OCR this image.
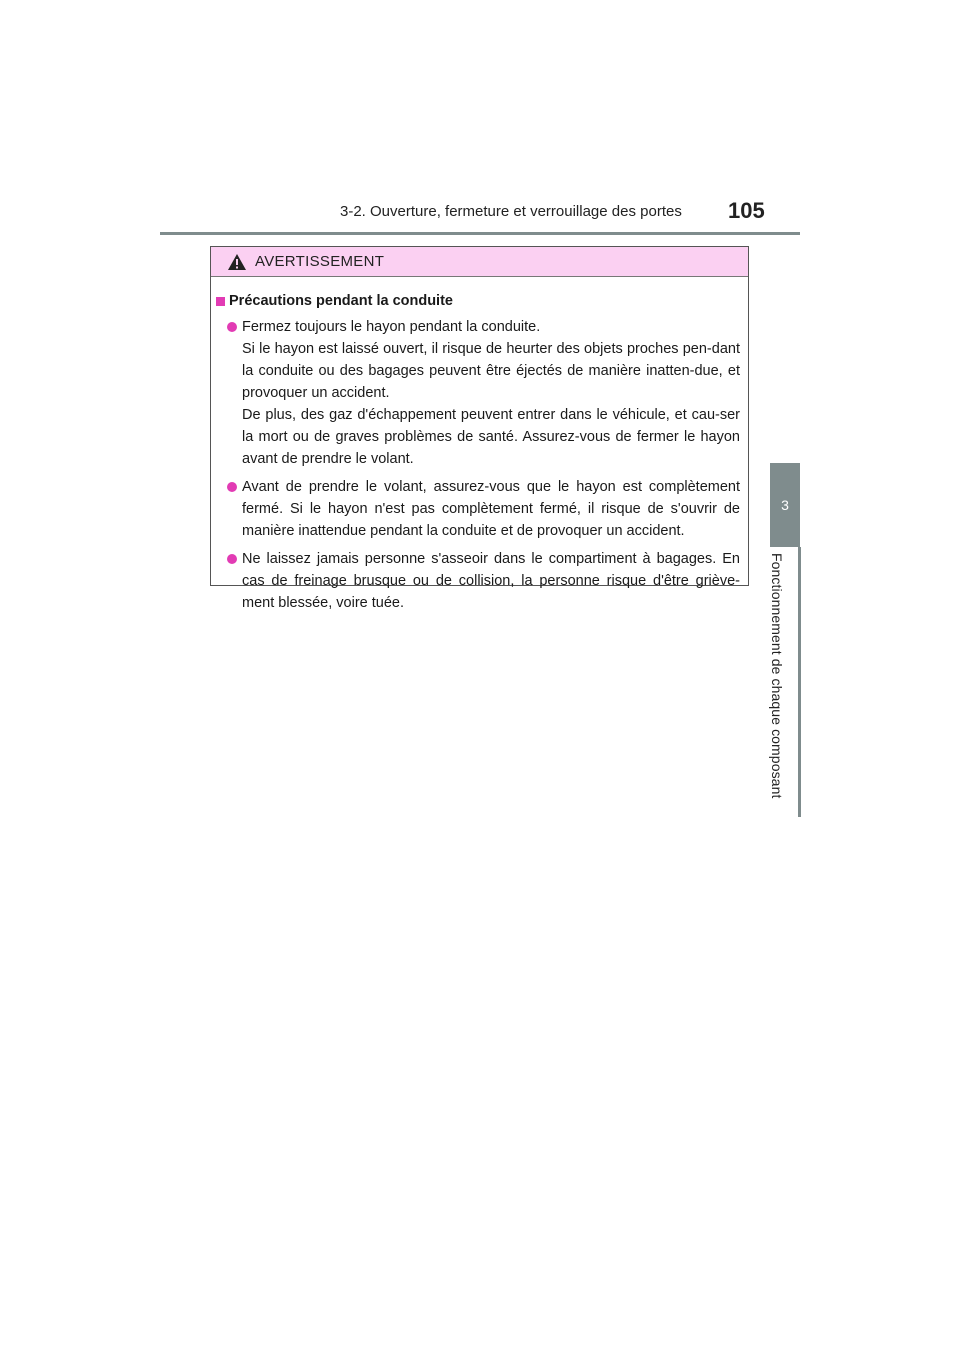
3-2. Ouverture, fermeture et verrouillage des portes 105
3
Fonctionnement de chaque composant
AVERTISSEMENT
Précautions pendant la conduite

Fermez toujours le hayon pendant la conduite.

Si le hayon est laissé ouvert, il risque de heurter des objets proches pen-dant la conduite ou des bagages peuvent être éjectés de manière inatten-due, et provoquer un accident.

De plus, des gaz d'échappement peuvent entrer dans le véhicule, et cau-ser la mort ou de graves problèmes de santé. Assurez-vous de fermer le hayon avant de prendre le volant.

Avant de prendre le volant, assurez-vous que le hayon est complètement fermé. Si le hayon n'est pas complètement fermé, il risque de s'ouvrir de manière inattendue pendant la conduite et de provoquer un accident.

Ne laissez jamais personne s'asseoir dans le compartiment à bagages. En cas de freinage brusque ou de collision, la personne risque d'être griève-ment blessée, voire tuée.
